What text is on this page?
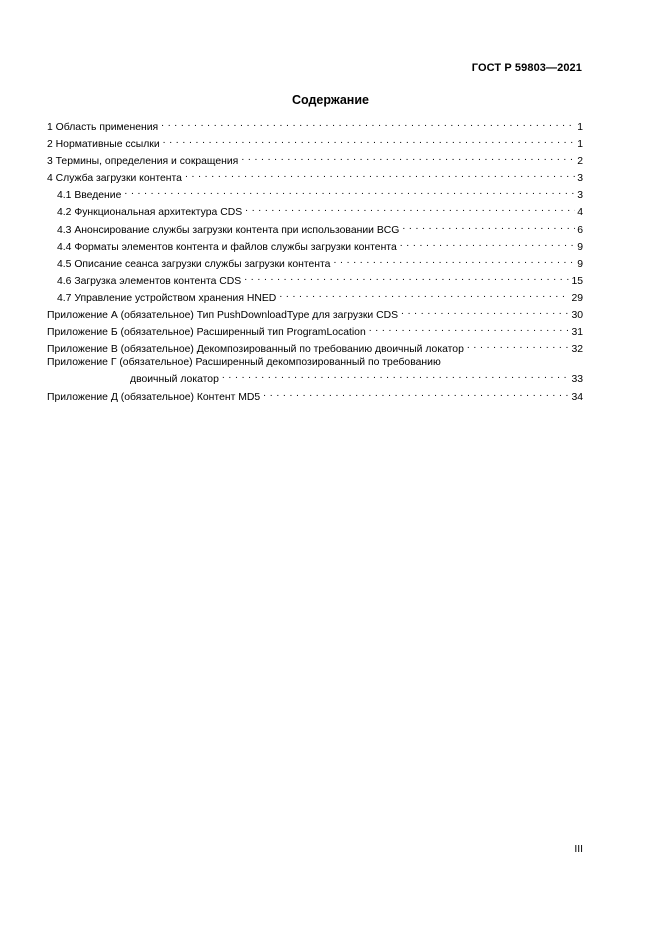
ГОСТ Р 59803—2021
Содержание
1 Область применения . . .	1
2 Нормативные ссылки . . .	1
3 Термины, определения и сокращения . . .	2
4 Служба загрузки контента . . .	3
4.1 Введение . . .	3
4.2 Функциональная архитектура CDS . . .	4
4.3 Анонсирование службы загрузки контента при использовании BCG . . .	6
4.4 Форматы элементов контента и файлов службы загрузки контента . . .	9
4.5 Описание сеанса загрузки службы загрузки контента . . .	9
4.6 Загрузка элементов контента CDS . . .	15
4.7 Управление устройством хранения HNED . . .	29
Приложение А (обязательное) Тип PushDownloadType для загрузки CDS . . .	30
Приложение Б (обязательное) Расширенный тип ProgramLocation . . .	31
Приложение В (обязательное) Декомпозированный по требованию двоичный локатор . . .	32
Приложение Г (обязательное) Расширенный декомпозированный по требованию
двоичный локатор . . .	33
Приложение Д (обязательное) Контент MD5 . . .	34
III
